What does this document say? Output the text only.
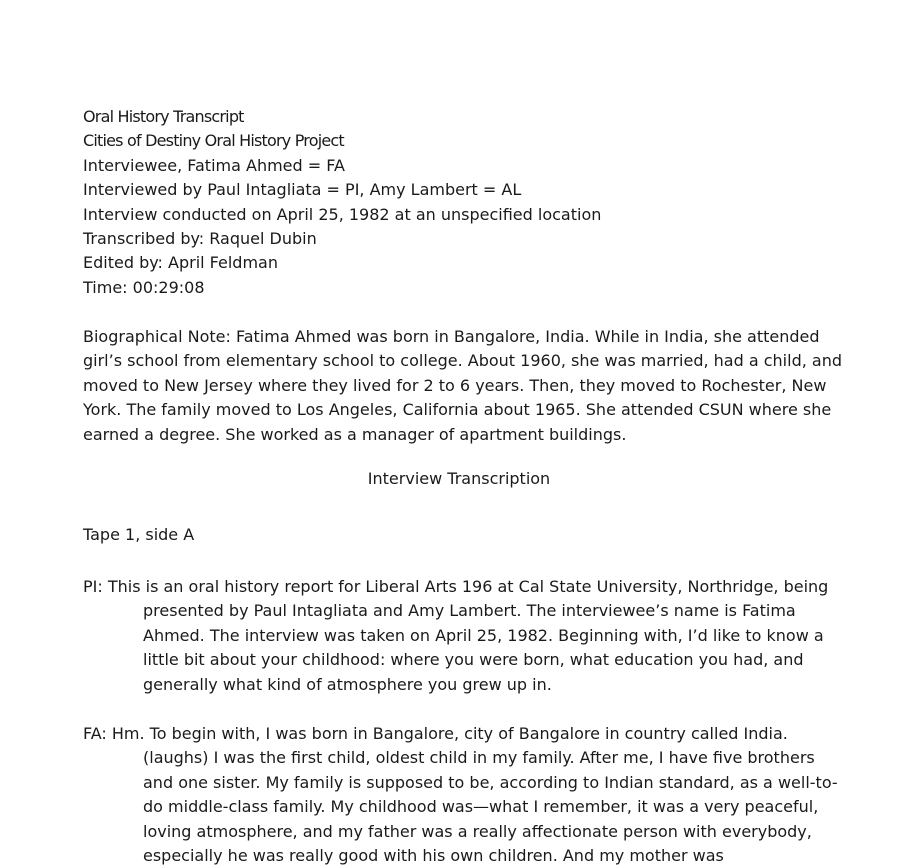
Oral History Transcript
Cities of Destiny Oral History Project
Interviewee, Fatima Ahmed = FA
Interviewed by Paul Intagliata = PI, Amy Lambert = AL
Interview conducted on April 25, 1982 at an unspecified location
Transcribed by: Raquel Dubin
Edited by: April Feldman
Time: 00:29:08

Biographical Note: Fatima Ahmed was born in Bangalore, India. While in India, she attended girl’s school from elementary school to college. About 1960, she was married, had a child, and moved to New Jersey where they lived for 2 to 6 years. Then, they moved to Rochester, New York. The family moved to Los Angeles, California about 1965. She attended CSUN where she earned a degree. She worked as a manager of apartment buildings.

Interview Transcription
Tape 1, side A

PI: This is an oral history report for Liberal Arts 196 at Cal State University, Northridge, being presented by Paul Intagliata and Amy Lambert. The interviewee’s name is Fatima Ahmed. The interview was taken on April 25, 1982. Beginning with, I’d like to know a little bit about your childhood: where you were born, what education you had, and generally what kind of atmosphere you grew up in.

FA: Hm. To begin with, I was born in Bangalore, city of Bangalore in country called India. (laughs) I was the first child, oldest child in my family. After me, I have five brothers and one sister. My family is supposed to be, according to Indian standard, as a well-to-do middle-class family. My childhood was—what I remember, it was a very peaceful, loving atmosphere, and my father was a really affectionate person with everybody, especially he was really good with his own children. And my mother was
